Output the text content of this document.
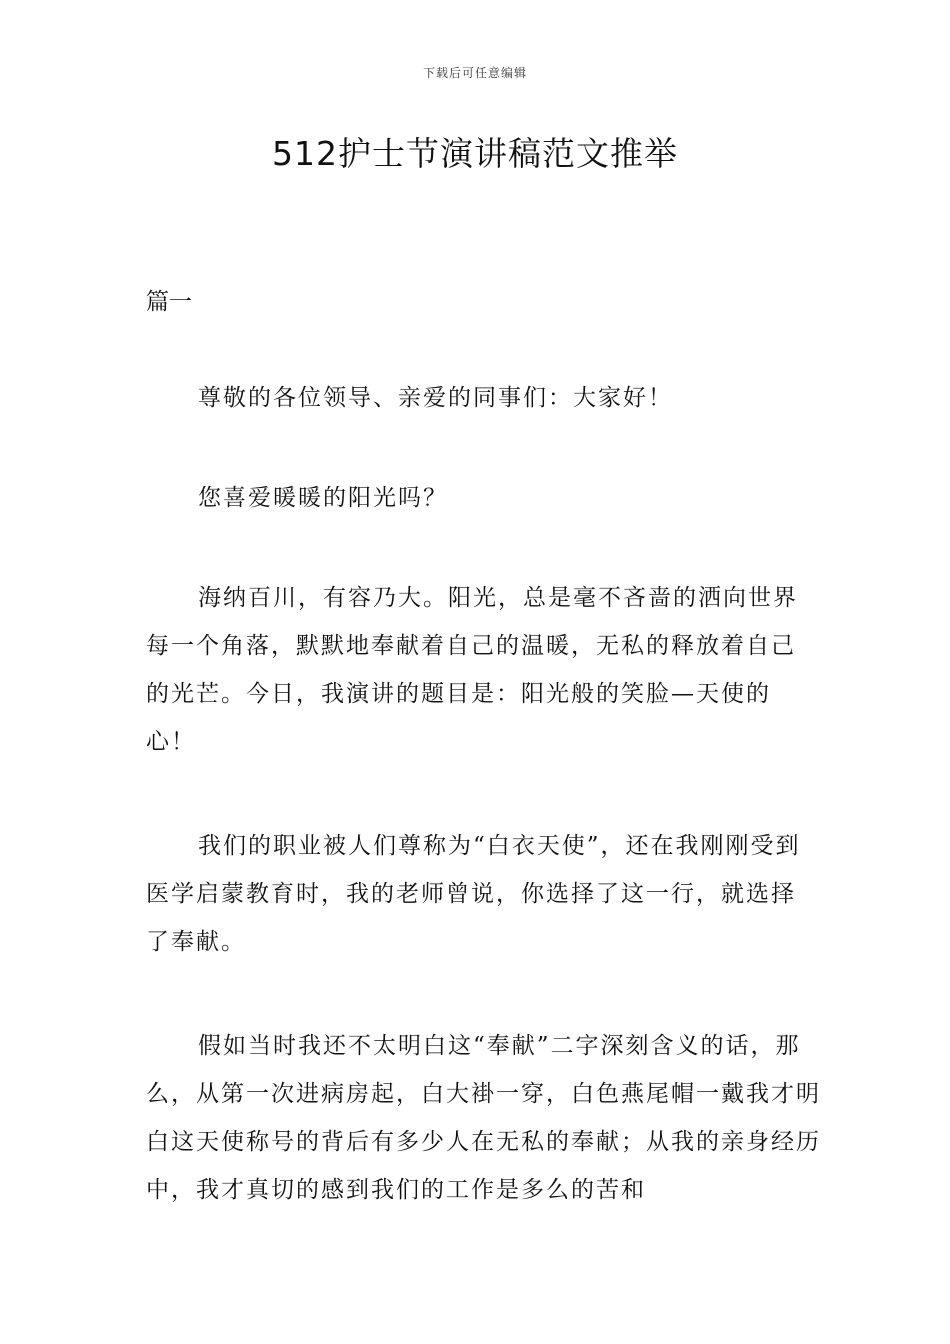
下载后可任意编辑
512护士节演讲稿范文推举
篇一

尊敬的各位领导、亲爱的同事们：大家好！

您喜爱暖暖的阳光吗？

海纳百川，有容乃大。阳光，总是毫不吝啬的洒向世界每一个角落，默默地奉献着自己的温暖，无私的释放着自己的光芒。今日，我演讲的题目是：阳光般的笑脸—天使的心！

我们的职业被人们尊称为“白衣天使”，还在我刚刚受到医学启蒙教育时，我的老师曾说，你选择了这一行，就选择了奉献。

假如当时我还不太明白这“奉献”二字深刻含义的话，那么，从第一次进病房起，白大褂一穿，白色燕尾帽一戴我才明白这天使称号的背后有多少人在无私的奉献；从我的亲身经历中，我才真切的感到我们的工作是多么的苦和
